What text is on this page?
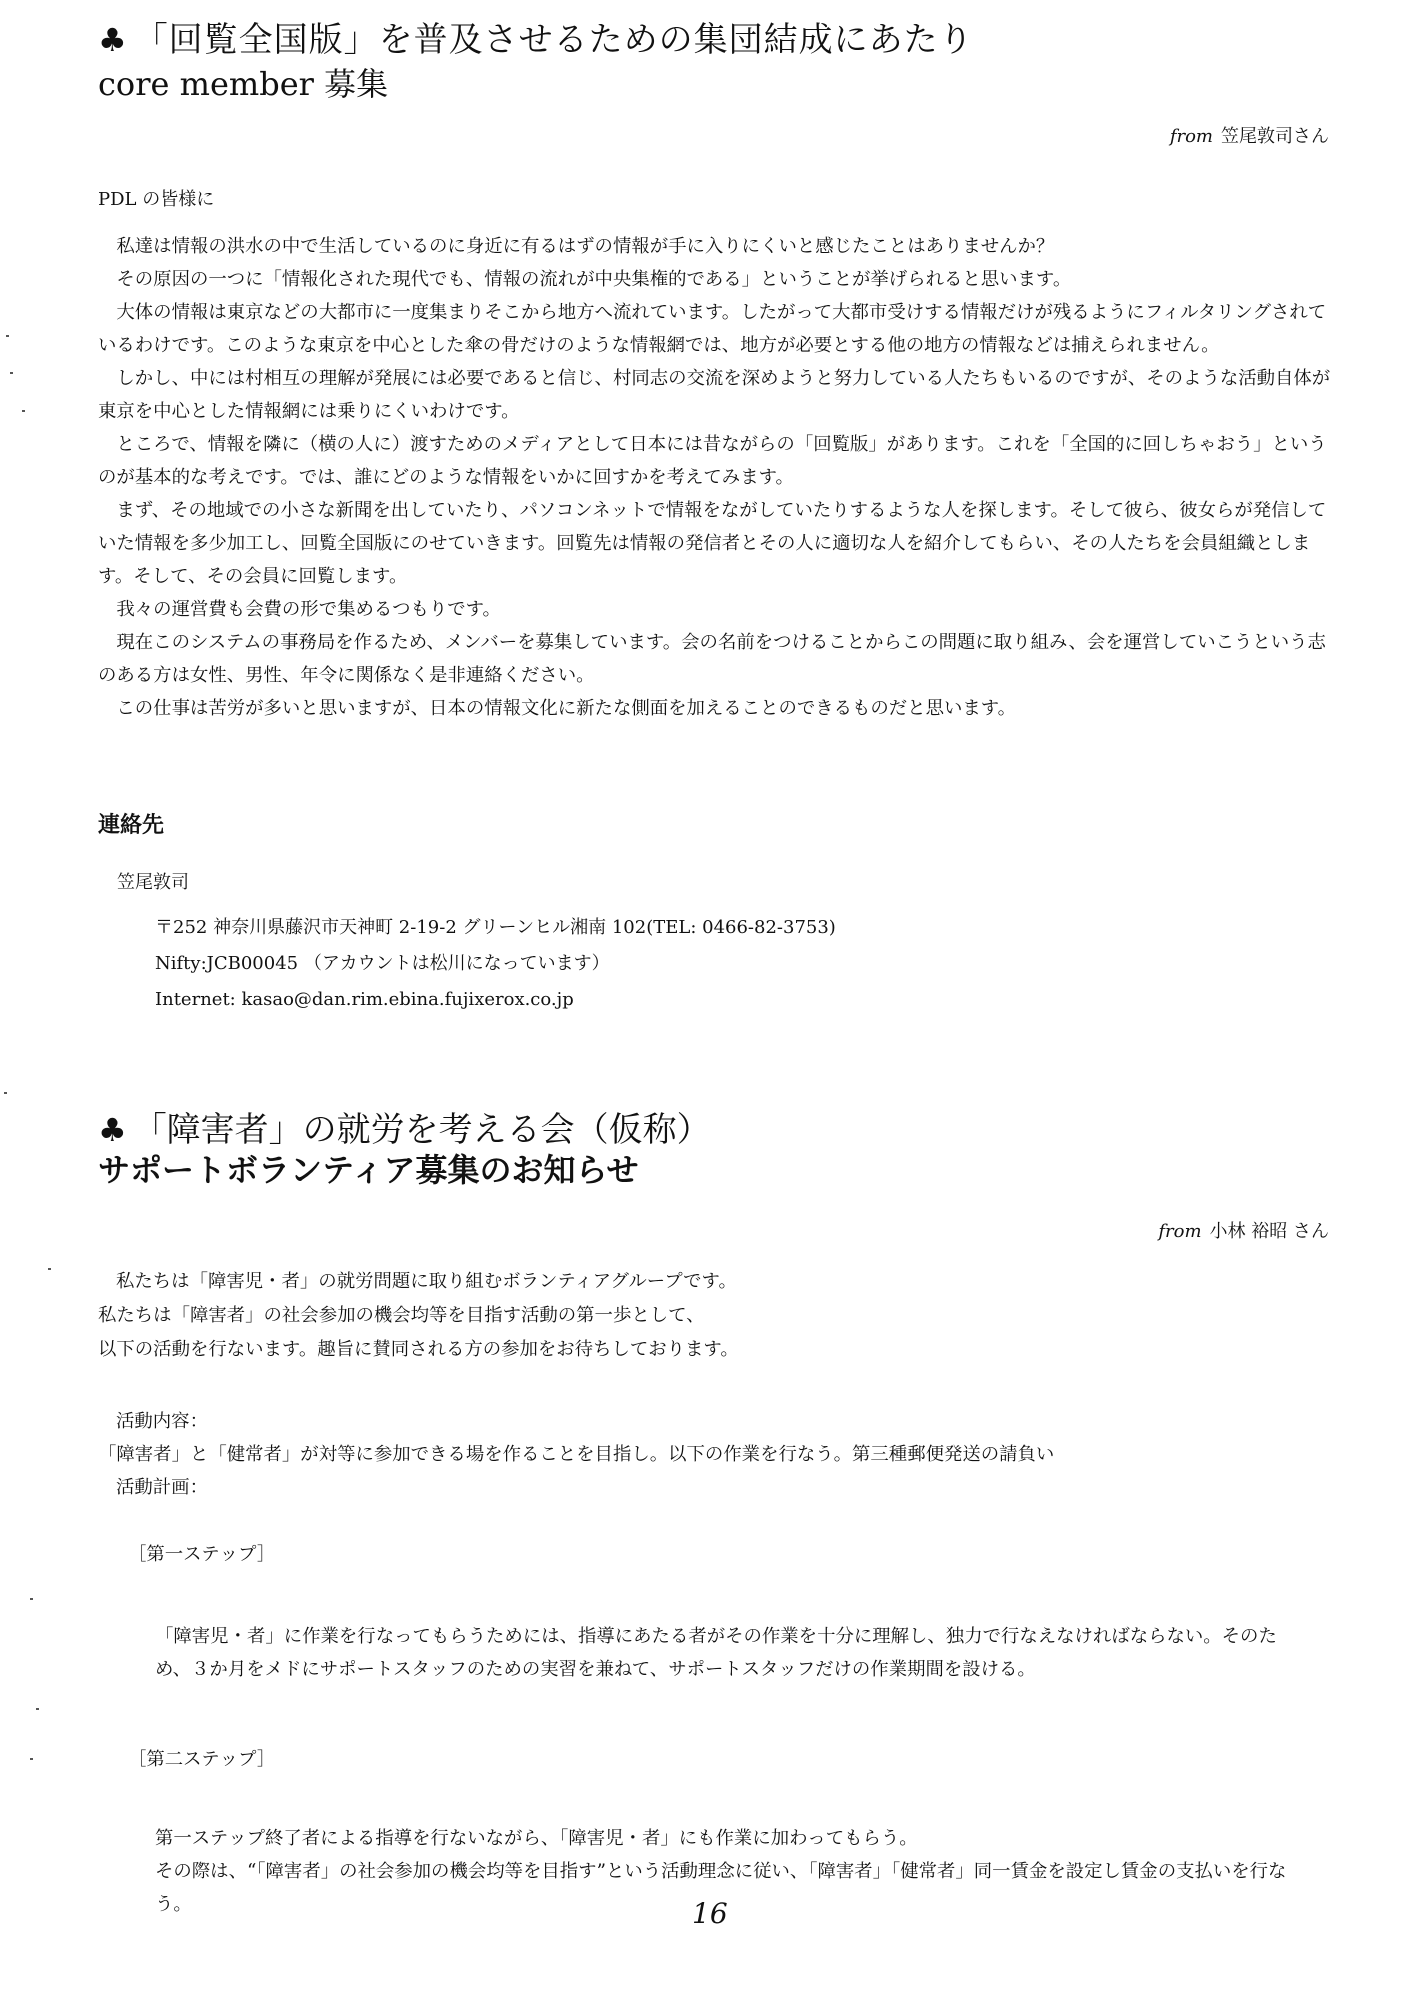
♣ 「回覧全国版」を普及させるための集団結成にあたり
core member 募集
from 笠尾敦司さん
PDL の皆様に

私達は情報の洪水の中で生活しているのに身近に有るはずの情報が手に入りにくいと感じたことはありませんか？

その原因の一つに「情報化された現代でも、情報の流れが中央集権的である」ということが挙げられると思います。

大体の情報は東京などの大都市に一度集まりそこから地方へ流れています。したがって大都市受けする情報だけが残るようにフィルタリングされているわけです。このような東京を中心とした傘の骨だけのような情報網では、地方が必要とする他の地方の情報などは捕えられません。

しかし、中には村相互の理解が発展には必要であると信じ、村同志の交流を深めようと努力している人たちもいるのですが、そのような活動自体が東京を中心とした情報網には乗りにくいわけです。

ところで、情報を隣に（横の人に）渡すためのメディアとして日本には昔ながらの「回覧版」があります。これを「全国的に回しちゃおう」というのが基本的な考えです。では、誰にどのような情報をいかに回すかを考えてみます。

まず、その地域での小さな新聞を出していたり、パソコンネットで情報をながしていたりするような人を探します。そして彼ら、彼女らが発信していた情報を多少加工し、回覧全国版にのせていきます。回覧先は情報の発信者とその人に適切な人を紹介してもらい、その人たちを会員組織とします。そして、その会員に回覧します。

我々の運営費も会費の形で集めるつもりです。

現在このシステムの事務局を作るため、メンバーを募集しています。会の名前をつけることからこの問題に取り組み、会を運営していこうという志のある方は女性、男性、年令に関係なく是非連絡ください。

この仕事は苦労が多いと思いますが、日本の情報文化に新たな側面を加えることのできるものだと思います。

連絡先
笠尾敦司
〒252 神奈川県藤沢市天神町 2-19-2 グリーンヒル湘南 102(TEL: 0466-82-3753)
Nifty:JCB00045 （アカウントは松川になっています）
Internet: kasao@dan.rim.ebina.fujixerox.co.jp
♣ 「障害者」の就労を考える会（仮称）
サポートボランティア募集のお知らせ
from 小林 裕昭 さん
私たちは「障害児・者」の就労問題に取り組むボランティアグループです。
私たちは「障害者」の社会参加の機会均等を目指す活動の第一歩として、
以下の活動を行ないます。趣旨に賛同される方の参加をお待ちしております。
活動内容：
「障害者」と「健常者」が対等に参加できる場を作ることを目指し。以下の作業を行なう。第三種郵便発送の請負い
活動計画：
［第一ステップ］

「障害児・者」に作業を行なってもらうためには、指導にあたる者がその作業を十分に理解し、独力で行なえなければならない。そのため、３か月をメドにサポートスタッフのための実習を兼ねて、サポートスタッフだけの作業期間を設ける。

［第二ステップ］

第一ステップ終了者による指導を行ないながら、「障害児・者」にも作業に加わってもらう。

その際は、“「障害者」の社会参加の機会均等を目指す”という活動理念に従い、「障害者」「健常者」同一賃金を設定し賃金の支払いを行なう。	16
